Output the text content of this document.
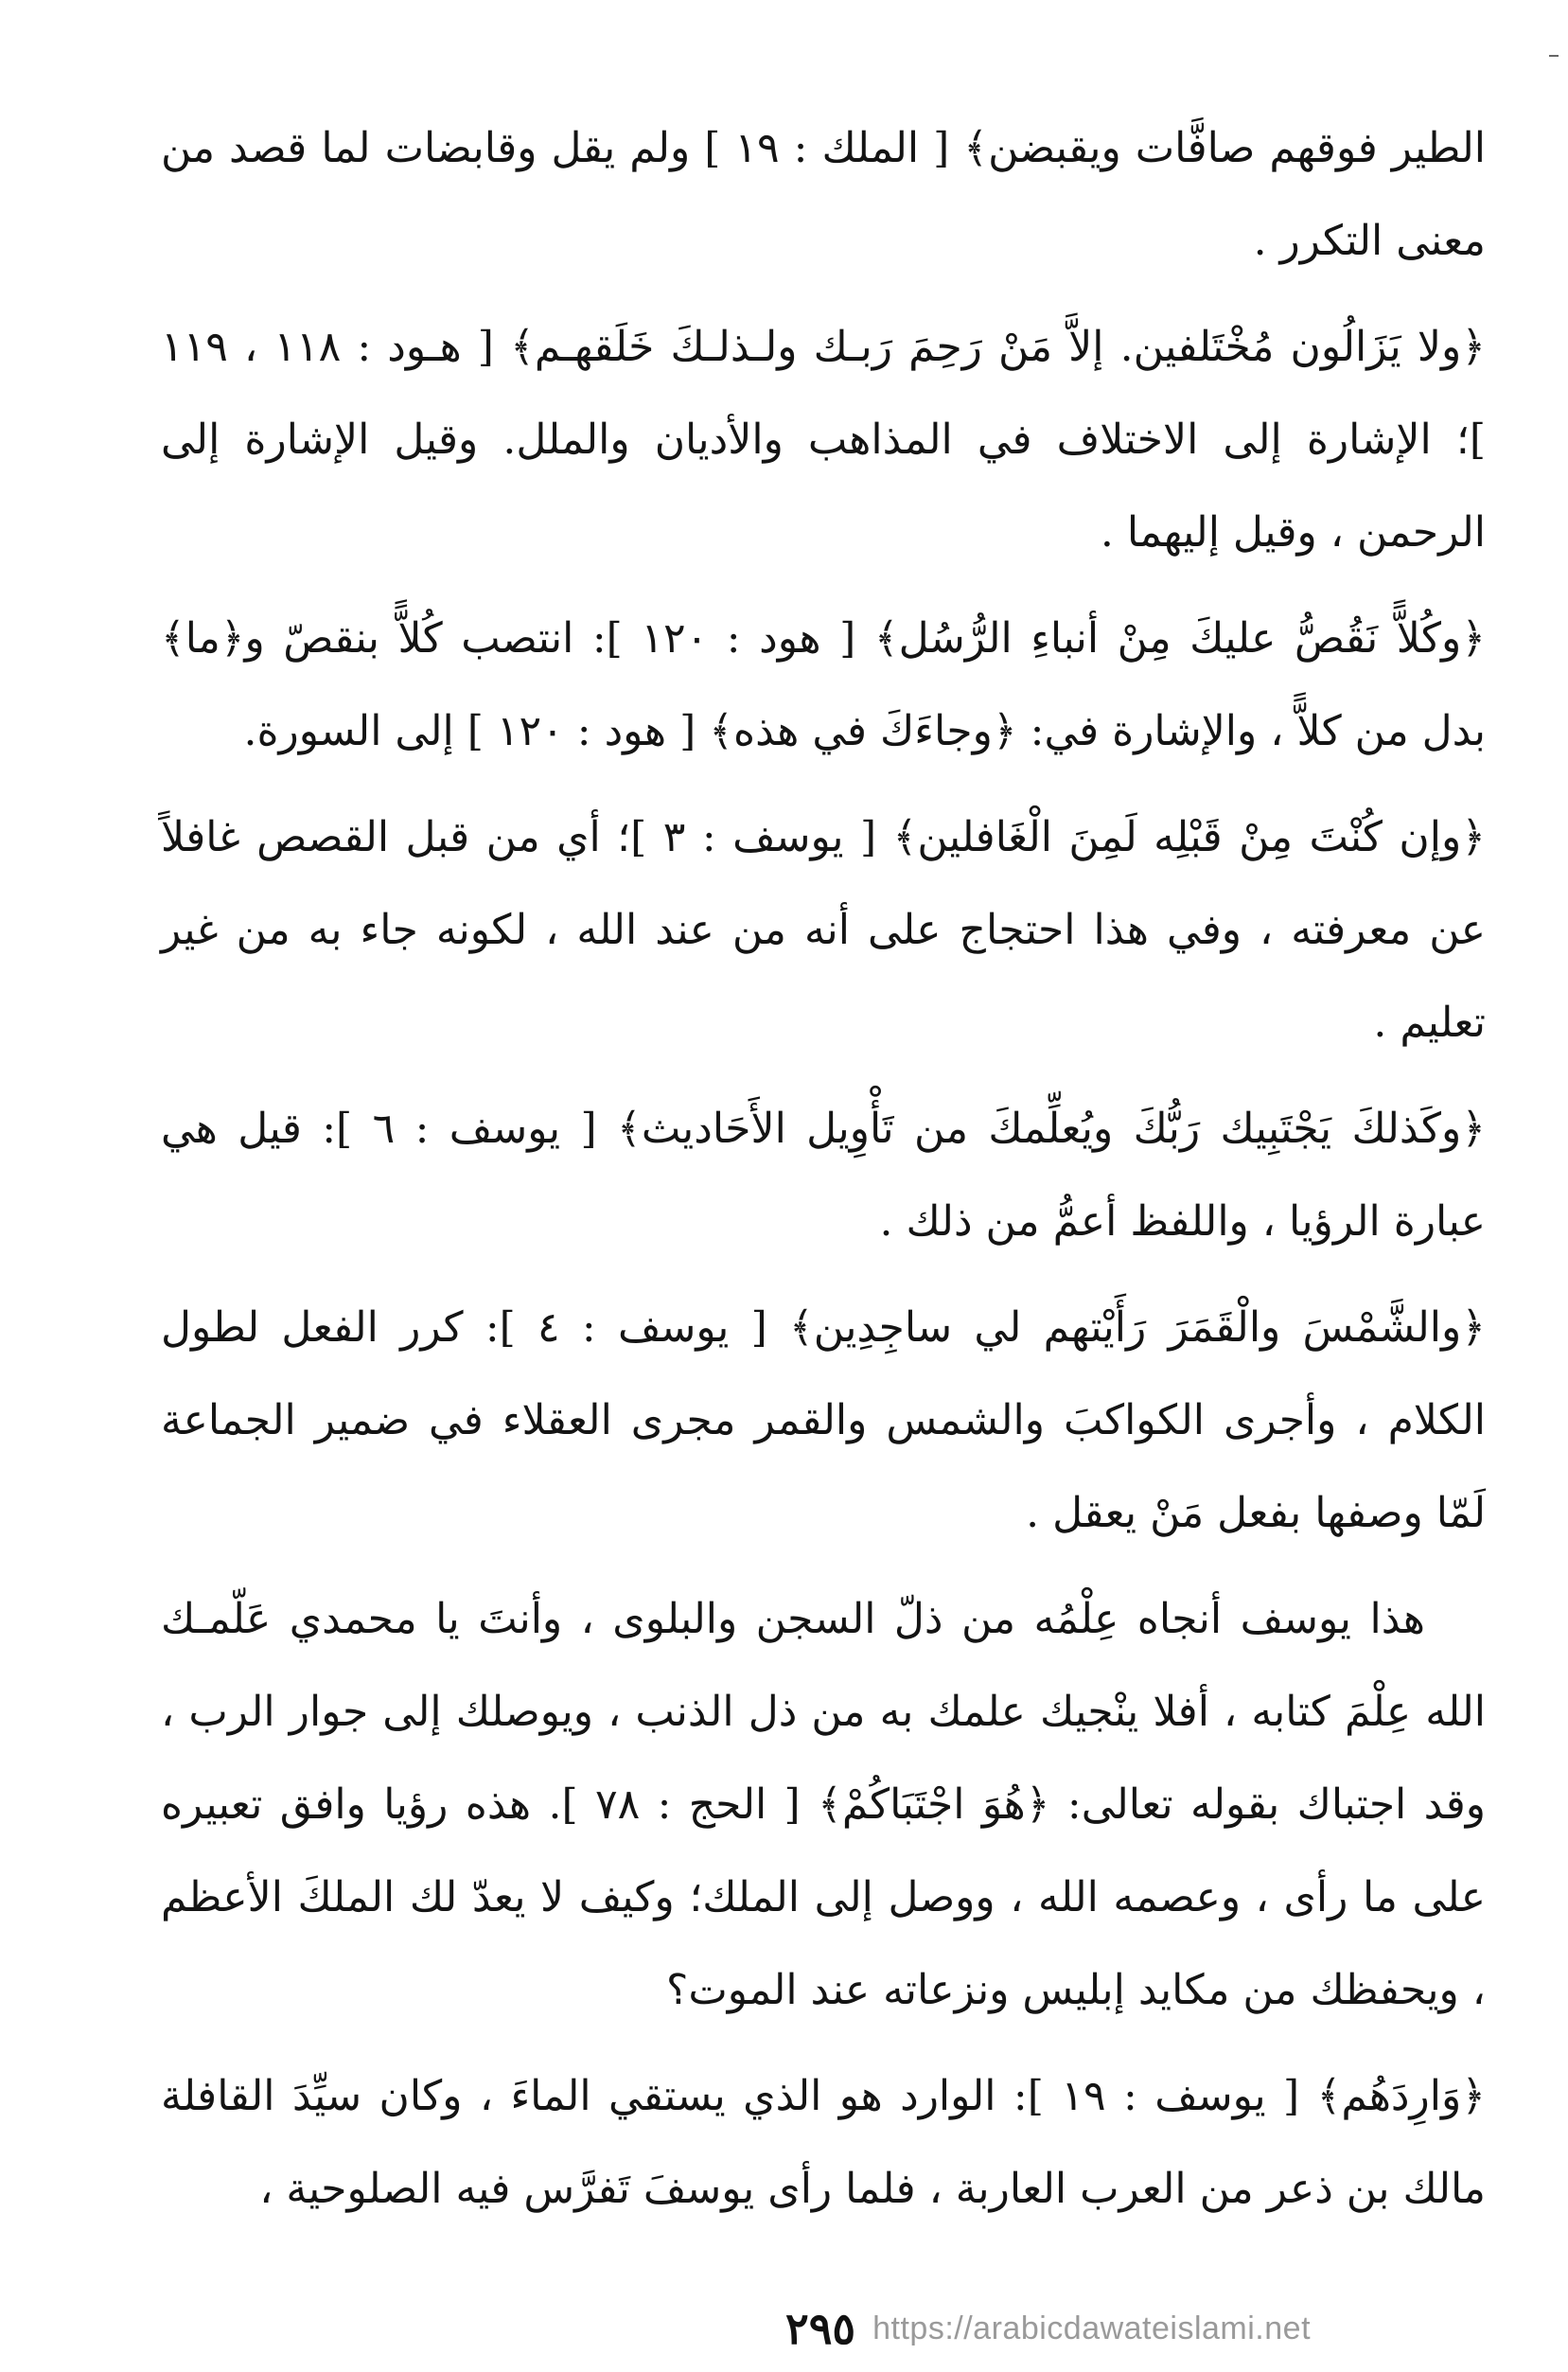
الطير فوقهم صافَّات ويقبضن﴾ [ الملك : ١٩ ] ولم يقل وقابضات لما قصد من معنى التكرر .

﴿ولا يَزَالُون مُخْتَلفين. إلاَّ مَنْ رَحِمَ رَبـك ولـذلـكَ خَلَقهـم﴾ [ هـود : ١١٨ ، ١١٩ ]؛ الإشارة إلى الاختلاف في المذاهب والأديان والملل. وقيل الإشارة إلى الرحمن ، وقيل إليهما .

﴿وكُلاًّ نَقُصُّ عليكَ مِنْ أنباءِ الرُّسُل﴾ [ هود : ١٢٠ ]: انتصب كُلاًّ بنقصّ و﴿ما﴾ بدل من كلاًّ ، والإشارة في: ﴿وجاءَكَ في هذه﴾ [ هود : ١٢٠ ] إلى السورة.

﴿وإن كُنْتَ مِنْ قَبْلِه لَمِنَ الْغَافلين﴾ [ يوسف : ٣ ]؛ أي من قبل القصص غافلاً عن معرفته ، وفي هذا احتجاج على أنه من عند الله ، لكونه جاء به من غير تعليم .

﴿وكَذلكَ يَجْتَبِيك رَبُّكَ ويُعلِّمكَ من تَأْوِيل الأَحَاديث﴾ [ يوسف : ٦ ]: قيل هي عبارة الرؤيا ، واللفظ أعمُّ من ذلك .

﴿والشَّمْسَ والْقَمَرَ رَأَيْتهم لي ساجِدِين﴾ [ يوسف : ٤ ]: كرر الفعل لطول الكلام ، وأجرى الكواكبَ والشمس والقمر مجرى العقلاء في ضمير الجماعة لَمّا وصفها بفعل مَنْ يعقل .

هذا يوسف أنجاه عِلْمُه من ذلّ السجن والبلوى ، وأنتَ يا محمدي عَلّمـك الله عِلْمَ كتابه ، أفلا ينْجيك علمك به من ذل الذنب ، ويوصلك إلى جوار الرب ، وقد اجتباك بقوله تعالى: ﴿هُوَ اجْتَبَاكُمْ﴾ [ الحج : ٧٨ ]. هذه رؤيا وافق تعبيره على ما رأى ، وعصمه الله ، ووصل إلى الملك؛ وكيف لا يعدّ لك الملكَ الأعظم ، ويحفظك من مكايد إبليس ونزعاته عند الموت؟

﴿وَارِدَهُم﴾ [ يوسف : ١٩ ]: الوارد هو الذي يستقي الماءَ ، وكان سيِّدَ القافلة مالك بن ذعر من العرب العاربة ، فلما رأى يوسفَ تَفرَّس فيه الصلوحية ،

٢٩٥ https://arabicdawateislami.net
